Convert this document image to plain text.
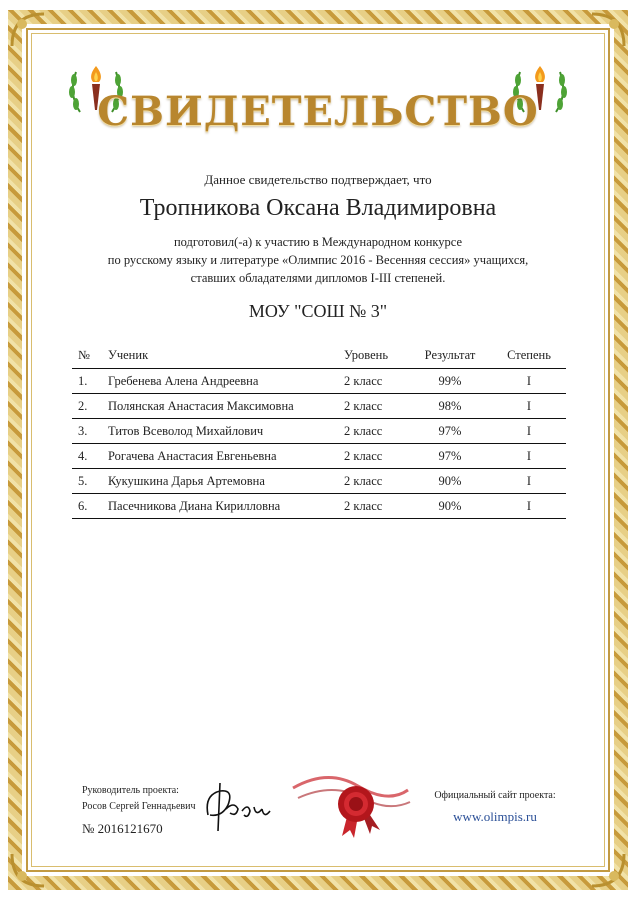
СВИДЕТЕЛЬСТВО
Данное свидетельство подтверждает, что
Тропникова Оксана Владимировна
подготовил(-а) к участию в Международном конкурсе
по русскому языку и литературе «Олимпис 2016 - Весенняя сессия» учащихся,
ставших обладателями дипломов I-III степеней.
МОУ "СОШ № 3"
№	Ученик	Уровень	Результат	Степень
1.	Гребенева Алена Андреевна	2 класс	99%	I
2.	Полянская Анастасия Максимовна	2 класс	98%	I
3.	Титов Всеволод Михайлович	2 класс	97%	I
4.	Рогачева Анастасия Евгеньевна	2 класс	97%	I
5.	Кукушкина Дарья Артемовна	2 класс	90%	I
6.	Пасечникова Диана Кирилловна	2 класс	90%	I
Руководитель проекта:
Росов Сергей Геннадьевич
№ 2016121670
Официальный сайт проекта:
www.olimpis.ru
